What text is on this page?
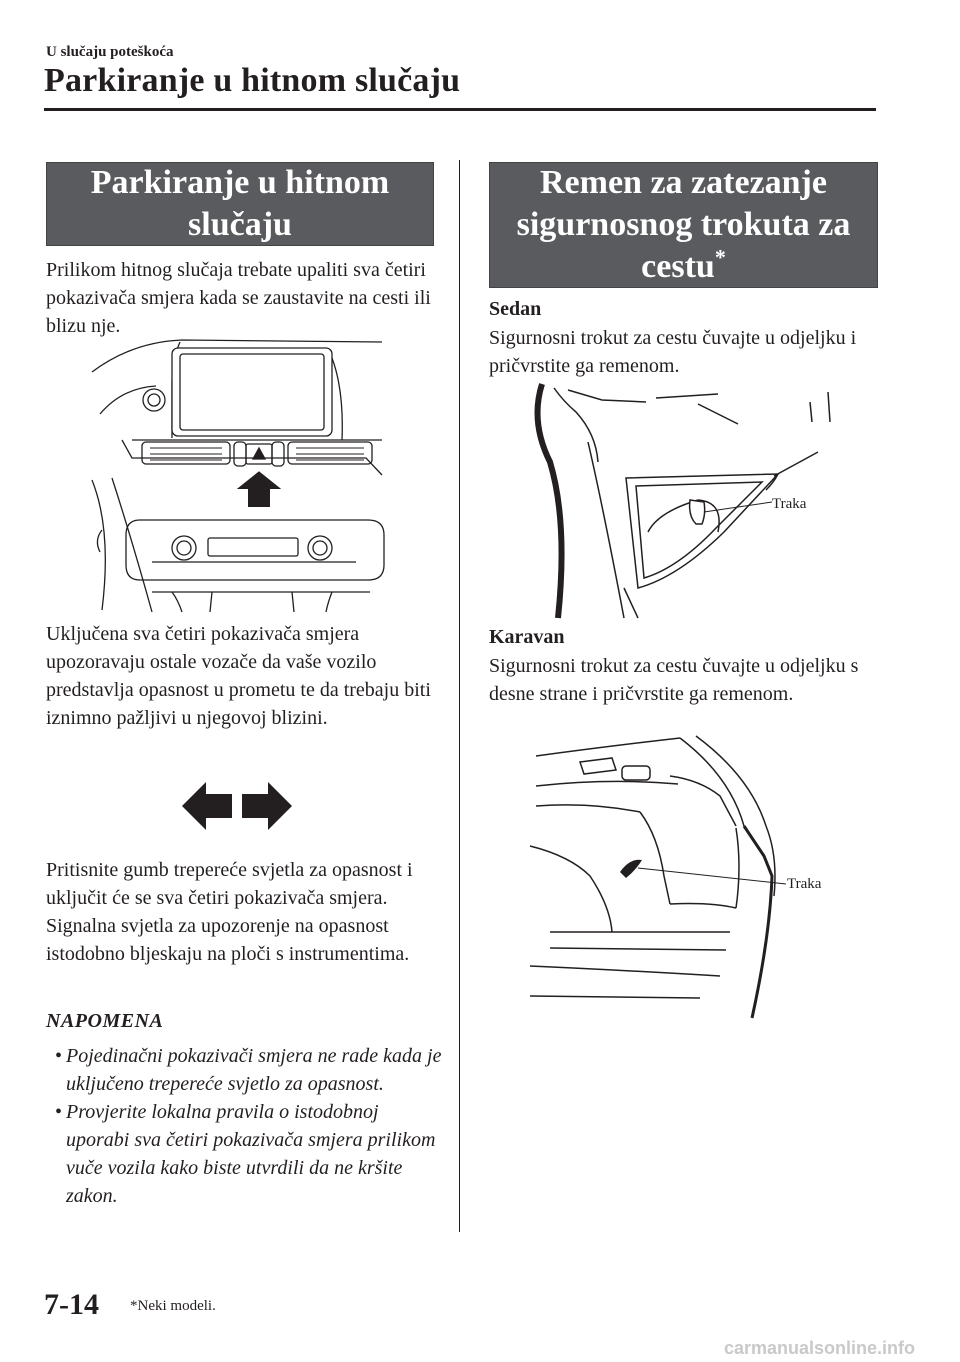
U slučaju poteškoća
Parkiranje u hitnom slučaju
Parkiranje u hitnom
slučaju
Prilikom hitnog slučaja trebate upaliti sva četiri pokazivača smjera kada se zaustavite na cesti ili blizu nje.
Uključena sva četiri pokazivača smjera upozoravaju ostale vozače da vaše vozilo predstavlja opasnost u prometu te da trebaju biti iznimno pažljivi u njegovoj blizini.
Pritisnite gumb trepereće svjetla za opasnost i uključit će se sva četiri pokazivača smjera. Signalna svjetla za upozorenje na opasnost istodobno bljeskaju na ploči s instrumentima.
NAPOMENA
• Pojedinačni pokazivači smjera ne rade kada je uključeno trepereće svjetlo za opasnost.
• Provjerite lokalna pravila o istodobnoj uporabi sva četiri pokazivača smjera prilikom vuče vozila kako biste utvrdili da ne kršite zakon.
Remen za zatezanje
sigurnosnog trokuta za
cestu*
Sedan
Sigurnosni trokut za cestu čuvajte u odjeljku i pričvrstite ga remenom.
Traka
Karavan
Sigurnosni trokut za cestu čuvajte u odjeljku s desne strane i pričvrstite ga remenom.
Traka
7-14 *Neki modeli.
carmanualsonline.info
